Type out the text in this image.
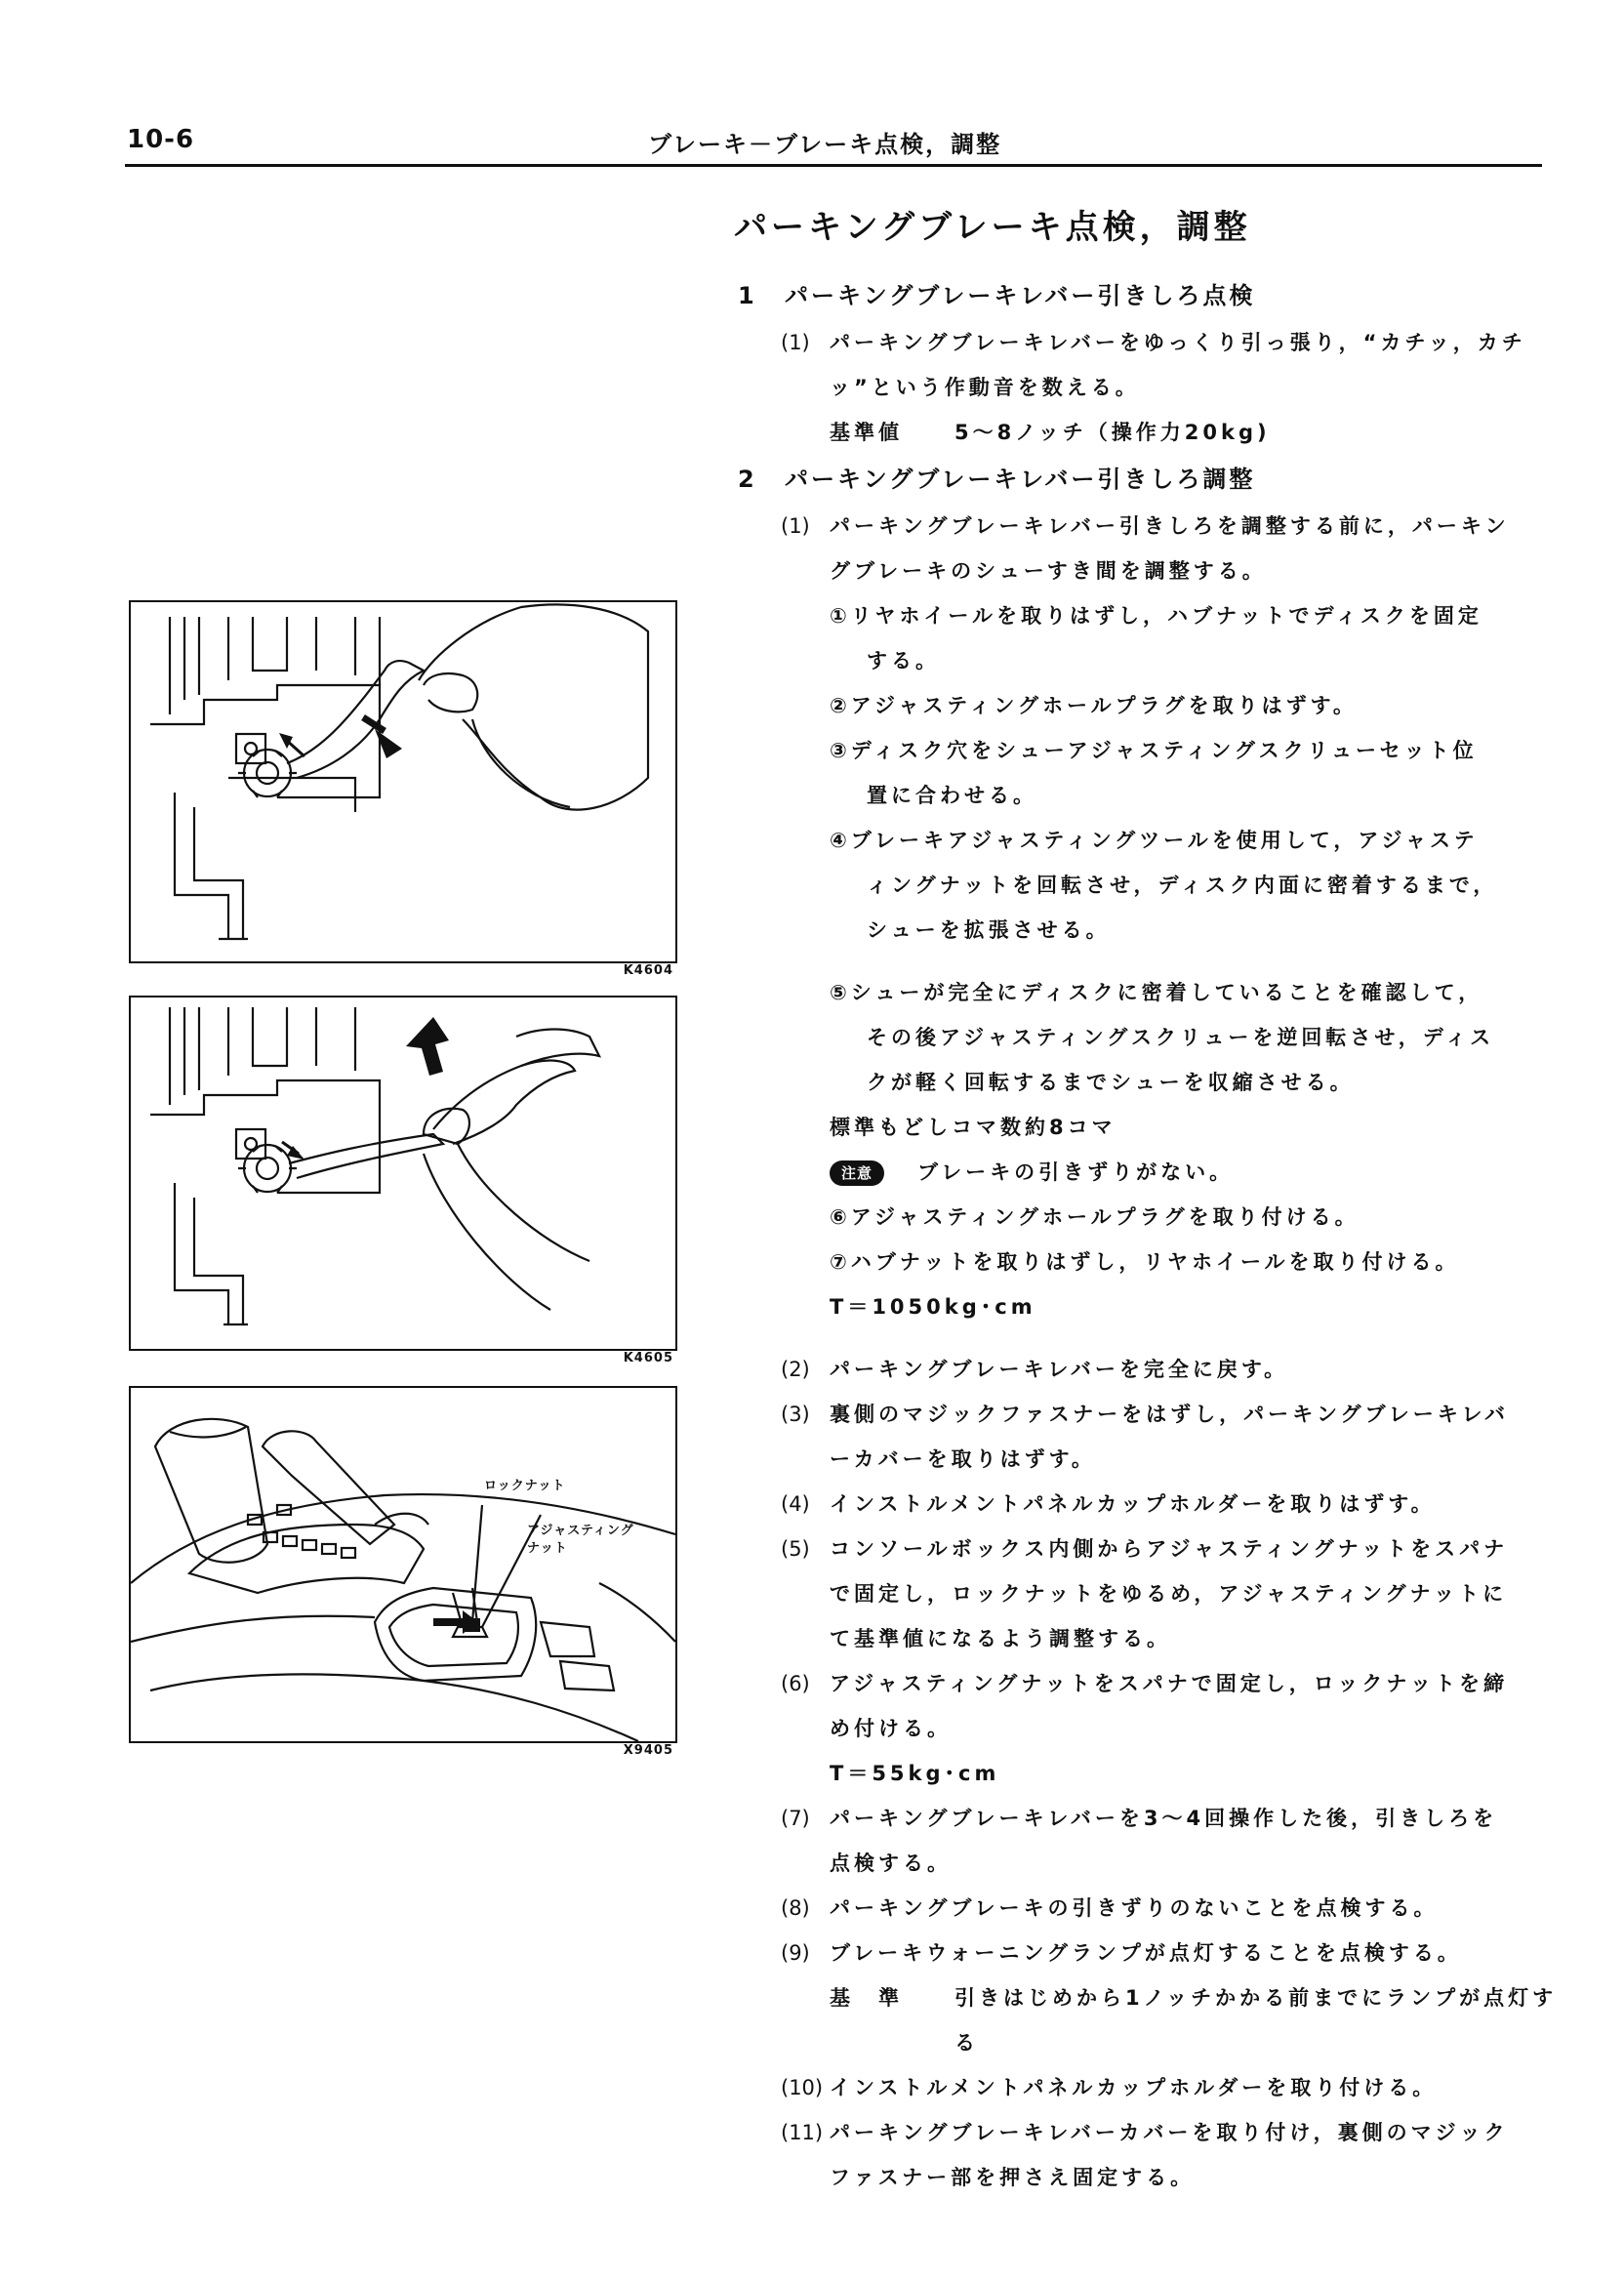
10-6	ブレーキ－ブレーキ点検，調整
パーキングブレーキ点検，調整
K4604
K4605
ロックナット
アジャスティング
ナット
X9405
1 パーキングブレーキレバー引きしろ点検
(1) パーキングブレーキレバーをゆっくり引っ張り，“カチッ，カチ
ッ”という作動音を数える。
基準値	5～8ノッチ（操作力20kg)
2 パーキングブレーキレバー引きしろ調整
(1) パーキングブレーキレバー引きしろを調整する前に，パーキン
グブレーキのシューすき間を調整する。
①リヤホイールを取りはずし，ハブナットでディスクを固定
する。
②アジャスティングホールプラグを取りはずす。
③ディスク穴をシューアジャスティングスクリューセット位
置に合わせる。
④ブレーキアジャスティングツールを使用して，アジャステ
ィングナットを回転させ，ディスク内面に密着するまで，
シューを拡張させる。
⑤シューが完全にディスクに密着していることを確認して，
その後アジャスティングスクリューを逆回転させ，ディス
クが軽く回転するまでシューを収縮させる。
標準もどしコマ数約8コマ
注意 ブレーキの引きずりがない。
⑥アジャスティングホールプラグを取り付ける。
⑦ハブナットを取りはずし，リヤホイールを取り付ける。
T＝1050kg･cm
(2) パーキングブレーキレバーを完全に戻す。
(3) 裏側のマジックファスナーをはずし，パーキングブレーキレバ
ーカバーを取りはずす。
(4) インストルメントパネルカップホルダーを取りはずす。
(5) コンソールボックス内側からアジャスティングナットをスパナ
で固定し，ロックナットをゆるめ，アジャスティングナットに
て基準値になるよう調整する。
(6) アジャスティングナットをスパナで固定し，ロックナットを締
め付ける。
T＝55kg･cm
(7) パーキングブレーキレバーを3～4回操作した後，引きしろを
点検する。
(8) パーキングブレーキの引きずりのないことを点検する。
(9) ブレーキウォーニングランプが点灯することを点検する。
基　準	引きはじめから1ノッチかかる前までにランプが点灯す
る
(10) インストルメントパネルカップホルダーを取り付ける。
(11) パーキングブレーキレバーカバーを取り付け，裏側のマジック
ファスナー部を押さえ固定する。
